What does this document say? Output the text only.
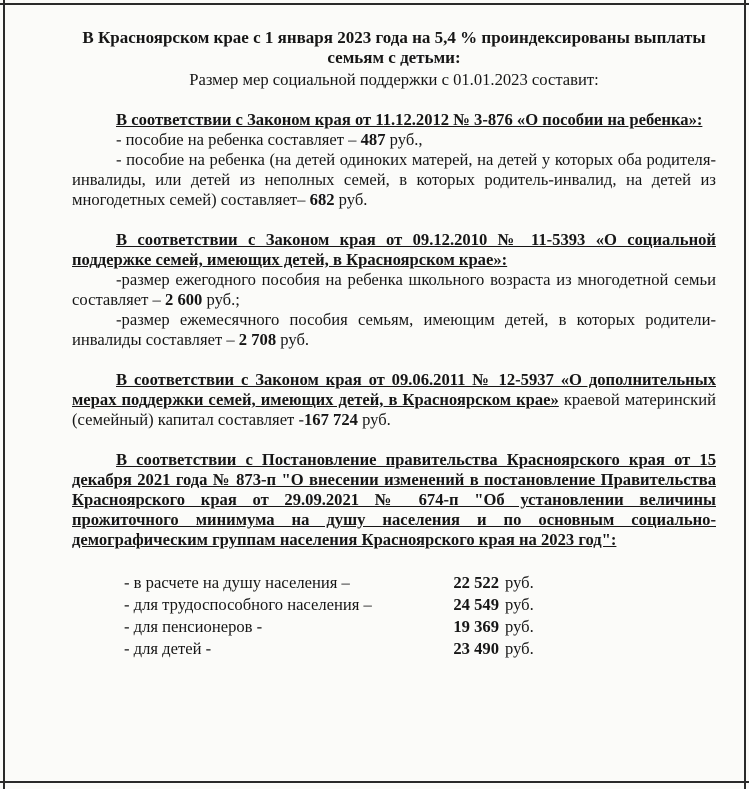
В Красноярском крае с 1 января 2023 года на 5,4 % проиндексированы выплаты семьям с детьми:
Размер мер социальной поддержки с 01.01.2023 составит:
В соответствии с Законом края от 11.12.2012 № 3-876 «О пособии на ребенка»:
- пособие на ребенка составляет – 487 руб.,
- пособие на ребенка (на детей одиноких матерей, на детей у которых оба родителя-инвалиды, или детей из неполных семей, в которых родитель-инвалид, на детей из многодетных семей) составляет– 682 руб.
В соответствии с Законом края от 09.12.2010 № 11-5393 «О социальной поддержке семей, имеющих детей, в Красноярском крае»:
-размер ежегодного пособия на ребенка школьного возраста из многодетной семьи составляет – 2 600 руб.;
-размер ежемесячного пособия семьям, имеющим детей, в которых родители-инвалиды составляет – 2 708 руб.
В соответствии с Законом края от 09.06.2011 № 12-5937 «О дополнительных мерах поддержки семей, имеющих детей, в Красноярском крае» краевой материнский (семейный) капитал составляет -167 724 руб.
В соответствии с Постановление правительства Красноярского края от 15 декабря 2021 года № 873-п "О внесении изменений в постановление Правительства Красноярского края от 29.09.2021 № 674-п "Об установлении величины прожиточного минимума на душу населения и по основным социально-демографическим группам населения Красноярского края на 2023 год":
- в расчете на душу населения –	22 522 руб.
- для трудоспособного населения –	24 549 руб.
- для пенсионеров -	19 369 руб.
- для детей -	23 490 руб.
